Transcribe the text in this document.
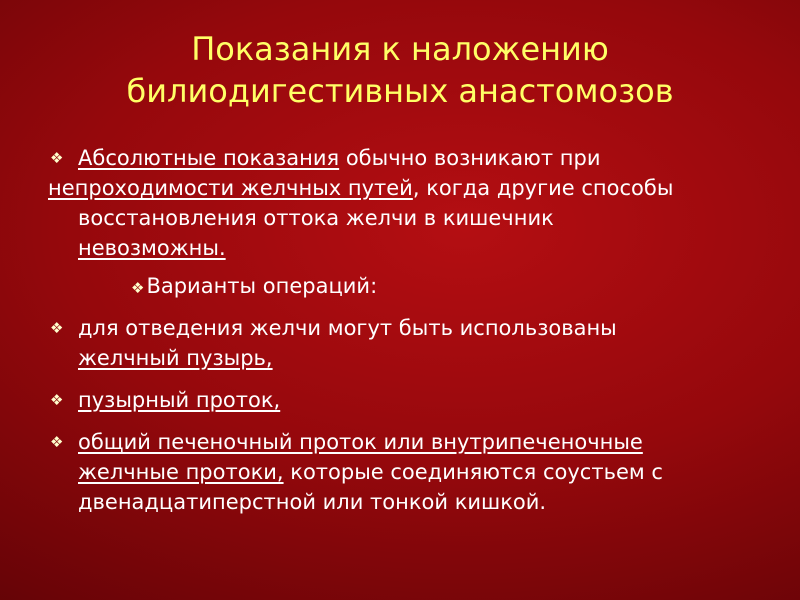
Показания к наложению
билиодигестивных анастомозов
❖ Абсолютные показания обычно возникают при
непроходимости желчных путей, когда другие способы
восстановления оттока желчи в кишечник
невозможны.
❖Варианты операций:
❖ для отведения желчи могут быть использованы
желчный пузырь,
❖ пузырный проток,
❖ общий печеночный проток или внутрипеченочные
желчные протоки, которые соединяются соустьем с
двенадцатиперстной или тонкой кишкой.
